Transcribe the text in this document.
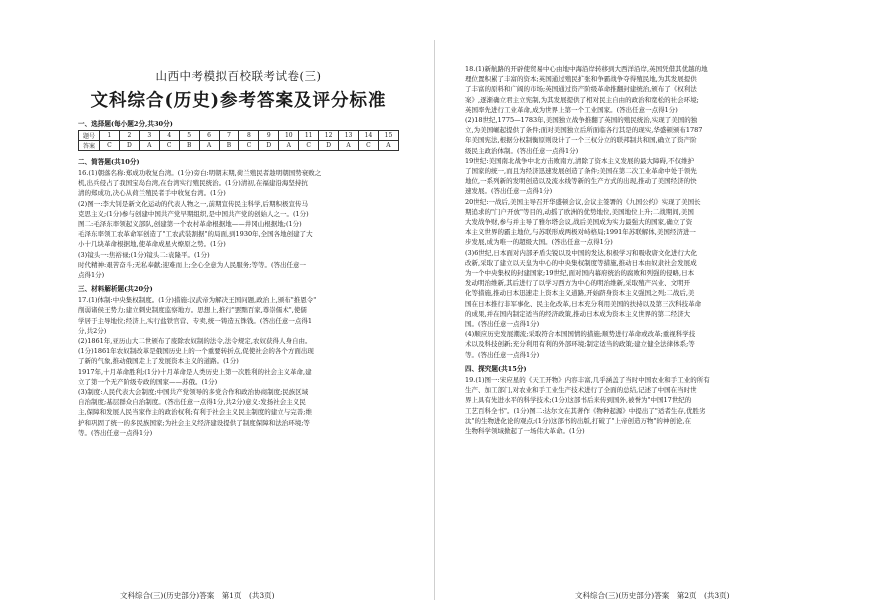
山西中考模拟百校联考试卷(三)
文科综合(历史)参考答案及评分标准
一、选择题(每小题2分,共30分)
题号	1	2	3	4	5	6	7	8	9	10	11	12	13	14	15
答案	C	D	A	C	B	A	B	C	D	A	C	D	A	C	A
二、简答题(共10分)

16.(1)朝落名称:郑成功收复台湾。(1分)旁白:明朝末期,荷兰殖民者趁明朝国势衰败之

机,出兵侵占了我国宝岛台湾,在台湾实行殖民统治。(1分)清初,在福建沿海坚持抗

清的郑成功,决心从荷兰殖民者手中收复台湾。(1分)

(2)图一:李大钊是新文化运动的代表人物之一,前期宣传民主科学,后期积极宣传马

克思主义;(1分)参与创建中国共产党早期组织,是中国共产党的创始人之一。(1分)

图二:毛泽东率领起义部队,创建第一个农村革命根据地——井冈山根据地;(1分)

毛泽东率领工农革命军创造了"工农武装割据"的局面,到1930年,全国各地创建了大

小十几块革命根据地,使革命成星火燎原之势。(1分)

(3)镜头一:焦裕禄;(1分)镜头二:袁隆平。(1分)

时代精神:艰苦奋斗;无私奉献;迎难而上;全心全意为人民服务;等等。(答出任意一

点得1分)

三、材料解析题(共20分)

17.(1)体制:中央集权制度。(1分)措施:汉武帝为解决王国问题,政治上,颁布"推恩令"

削弱诸侯王势力;建立刺史制度监察地方。思想上,推行"罢黜百家,尊崇儒术",使儒

学居于主导地位;经济上,实行盐铁官营、专卖,统一铸造五铢钱。(答出任意一点得1

分,共2分)

(2)1861年,亚历山大二世颁布了废除农奴制的法令,法令规定,农奴获得人身自由。

(1分)1861年农奴制改革是俄国历史上的一个重要转折点,促使社会的各个方面出现

了新的气象,推动俄国走上了发展资本主义的道路。(1分)

1917年,十月革命胜利;(1分)十月革命是人类历史上第一次胜利的社会主义革命,建

立了第一个无产阶级专政的国家——苏俄。(1分)

(3)制度:人民代表大会制度;中国共产党领导的多党合作和政治协商制度;民族区域

自治制度;基层群众自治制度。(答出任意一点得1分,共2分)意义:发扬社会主义民

主,保障和发展人民当家作主的政治权利;有利于社会主义民主制度的建立与完善;维

护和巩固了统一的多民族国家;为社会主义经济建设提供了制度保障和法治环境;等

等。(答出任意一点得1分)

18.(1)新航路的开辟使贸易中心由地中海沿岸转移到大西洋沿岸,英国凭借其优越的地

理位置积累了丰富的资本;英国通过殖民扩张和争霸战争夺得殖民地,为其发展提供

了丰富的原料和广阔的市场;英国通过资产阶级革命推翻封建统治,颁布了《权利法

案》,逐渐确立君主立宪制,为其发展提供了相对民主自由的政治和宽松的社会环境;

英国率先进行工业革命,成为世界上第一个工业国家。(答出任意一点得1分)

(2)18世纪,1775—1783年,美国独立战争推翻了英国的殖民统治,实现了美国的独

立,为美国崛起提供了条件;面对美国独立后所面临各行其是的现实,华盛顿颁布1787

年美国宪法,根据分权制衡原则设计了一个三权分立的联邦制共和国,确立了资产阶

级民主政治体制。(答出任意一点得1分)

19世纪:美国南北战争中北方击败南方,清除了资本主义发展的最大障碍,不仅维护

了国家的统一,而且为经济迅速发展创造了条件;美国在第二次工业革命中处于领先

地位,一系列新的发明创造以及流水线等新的生产方式的出现,推动了美国经济的快

速发展。(答出任意一点得1分)

20世纪:一战后,美国主导召开华盛顿会议,会议主签署的《九国公约》实现了美国长

期追求的"门户开放"等目的,动摇了欧洲的优势地位,美国地位上升;二战期间,美国

大发战争财,参与并主导了雅尔塔会议,战后美国成为实力最强大的国家,确立了资

本主义世界的霸主地位,与苏联形成两极对峙格局;1991年苏联解体,美国经济进一

步发展,成为唯一的超级大国。(答出任意一点得1分)

(3)6世纪,日本面对内部矛盾尖锐以及中国的发达,积极学习和吸收唐文化进行大化

改新,采取了建立以天皇为中心的中央集权制度等措施,推动日本由奴隶社会发展成

为一个中央集权的封建国家;19世纪,面对国内幕府统治的腐败和列强的侵略,日本

发动明治维新,其后进行了以学习西方为中心的明治维新,采取殖产兴业、文明开

化等措施,推动日本迅速走上资本主义道路,开始跻身资本主义强国之列;二战后,美

国在日本推行非军事化、民主化改革,日本充分利用美国的扶持以及第三次科技革命

的成果,并在国内制定适当的经济政策,推动日本成为资本主义世界的第二经济大

国。(答出任意一点得1分)

(4)顺应历史发展潮流;采取符合本国国情的措施;顺势进行革命或改革;重视科学技

术以及科技创新;充分利用有利的外部环境;制定适当的政策;建立健全法律体系;等

等。(答出任意一点得1分)

四、探究题(共15分)

19.(1)图一:宋应星的《天工开物》内容丰富,几乎涵盖了当时中国农业和手工业的所有

生产、加工部门,对农业和手工业生产技术进行了全面的总结,记述了中国在当时世

界上具有先进水平的科学技术;(1分)这部书后来传到国外,被誉为"中国17世纪的

工艺百科全书"。(1分)图二:达尔文在其著作《物种起源》中提出了"适者生存,优胜劣

汰"的生物进化论的观点;(1分)这部书的出版,打破了"上帝创造万物"的神创论,在

生物科学领域掀起了一场伟大革命。(1分)

文科综合(三)(历史部分)答案　第1页　(共3页)	文科综合(三)(历史部分)答案　第2页　(共3页)
